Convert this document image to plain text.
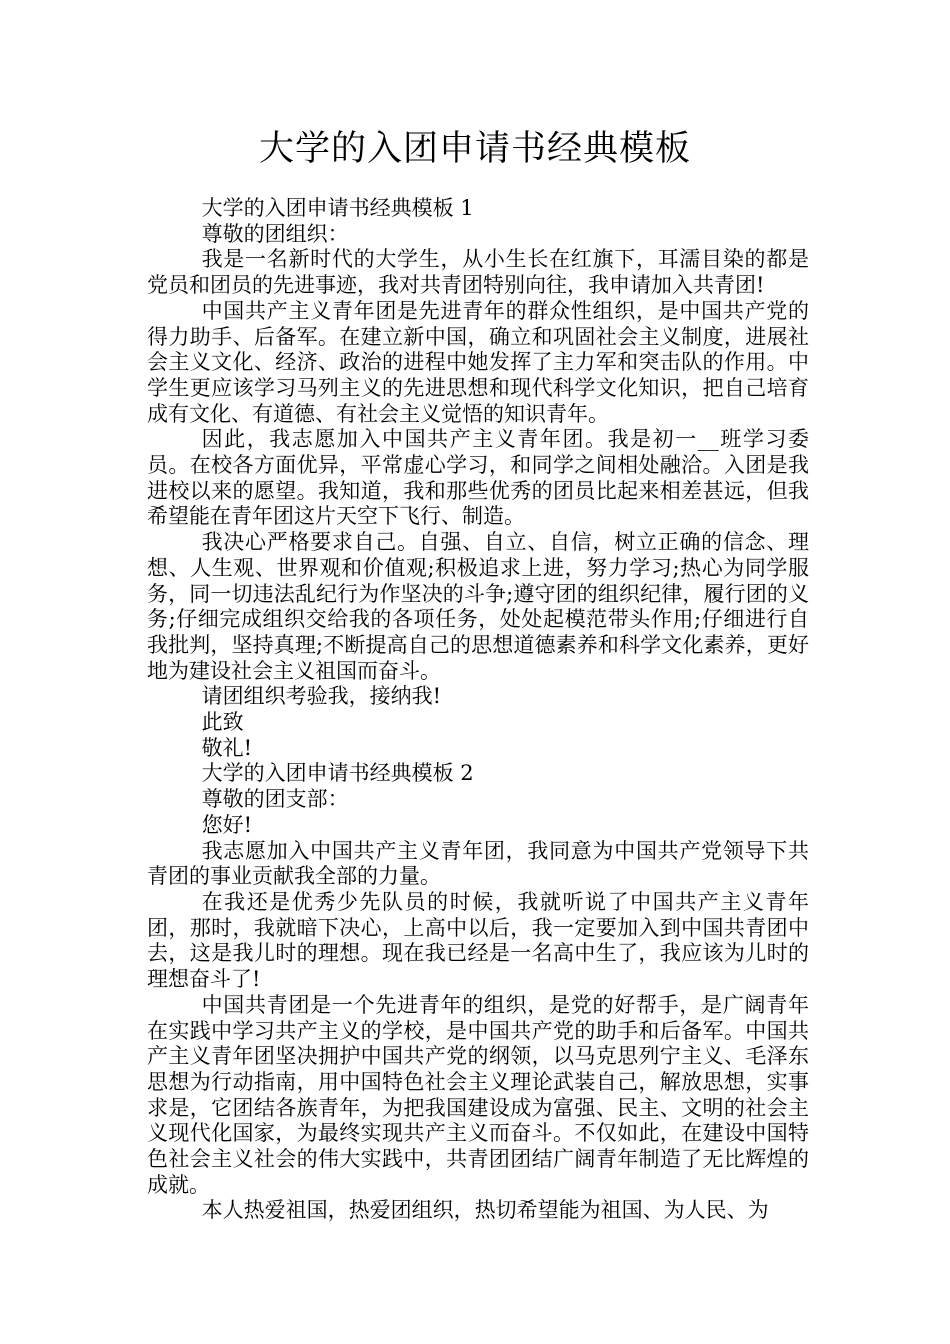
大学的入团申请书经典模板

大学的入团申请书经典模板 1

尊敬的团组织：

我是一名新时代的大学生，从小生长在红旗下，耳濡目染的都是党员和团员的先进事迹，我对共青团特别向往，我申请加入共青团!

中国共产主义青年团是先进青年的群众性组织，是中国共产党的得力助手、后备军。在建立新中国，确立和巩固社会主义制度，进展社会主义文化、经济、政治的进程中她发挥了主力军和突击队的作用。中学生更应该学习马列主义的先进思想和现代科学文化知识，把自己培育成有文化、有道德、有社会主义觉悟的知识青年。

因此，我志愿加入中国共产主义青年团。我是初一__班学习委员。在校各方面优异，平常虚心学习，和同学之间相处融洽。入团是我进校以来的愿望。我知道，我和那些优秀的团员比起来相差甚远，但我希望能在青年团这片天空下飞行、制造。

我决心严格要求自己。自强、自立、自信，树立正确的信念、理想、人生观、世界观和价值观;积极追求上进，努力学习;热心为同学服务，同一切违法乱纪行为作坚决的斗争;遵守团的组织纪律，履行团的义务;仔细完成组织交给我的各项任务，处处起模范带头作用;仔细进行自我批判，坚持真理;不断提高自己的思想道德素养和科学文化素养，更好地为建设社会主义祖国而奋斗。

请团组织考验我，接纳我!

此致

敬礼!

大学的入团申请书经典模板 2

尊敬的团支部：

您好!

我志愿加入中国共产主义青年团，我同意为中国共产党领导下共青团的事业贡献我全部的力量。

在我还是优秀少先队员的时候，我就听说了中国共产主义青年团，那时，我就暗下决心，上高中以后，我一定要加入到中国共青团中去，这是我儿时的理想。现在我已经是一名高中生了，我应该为儿时的理想奋斗了!

中国共青团是一个先进青年的组织，是党的好帮手，是广阔青年在实践中学习共产主义的学校，是中国共产党的助手和后备军。中国共产主义青年团坚决拥护中国共产党的纲领，以马克思列宁主义、毛泽东思想为行动指南，用中国特色社会主义理论武装自己，解放思想，实事求是，它团结各族青年，为把我国建设成为富强、民主、文明的社会主义现代化国家，为最终实现共产主义而奋斗。不仅如此，在建设中国特色社会主义社会的伟大实践中，共青团团结广阔青年制造了无比辉煌的成就。

本人热爱祖国，热爱团组织，热切希望能为祖国、为人民、为
